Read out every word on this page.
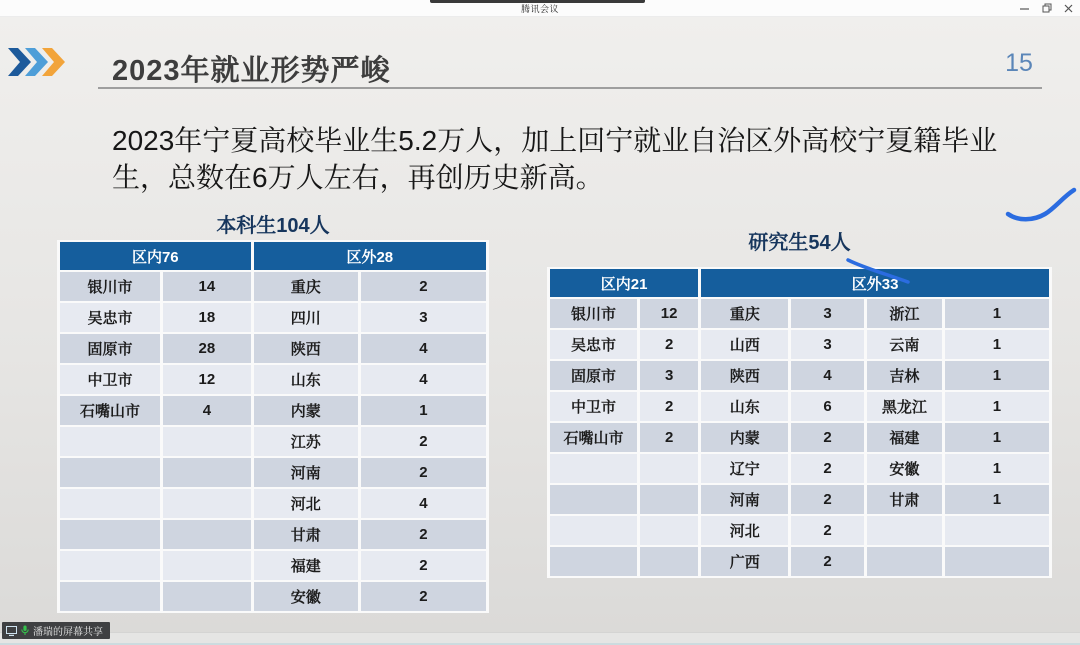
腾讯会议
2023年就业形势严峻	15
2023年宁夏高校毕业生5.2万人，加上回宁就业自治区外高校宁夏籍毕业生，总数在6万人左右，再创历史新高。
本科生104人
区内76		区外28	
银川市	14	重庆	2
吴忠市	18	四川	3
固原市	28	陕西	4
中卫市	12	山东	4
石嘴山市	4	内蒙	1
		江苏	2
		河南	2
		河北	4
		甘肃	2
		福建	2
		安徽	2
研究生54人
区内21		区外33			
银川市	12	重庆	3	浙江	1
吴忠市	2	山西	3	云南	1
固原市	3	陕西	4	吉林	1
中卫市	2	山东	6	黑龙江	1
石嘴山市	2	内蒙	2	福建	1
		辽宁	2	安徽	1
		河南	2	甘肃	1
		河北	2		
		广西	2		
潘瑞的屏幕共享
